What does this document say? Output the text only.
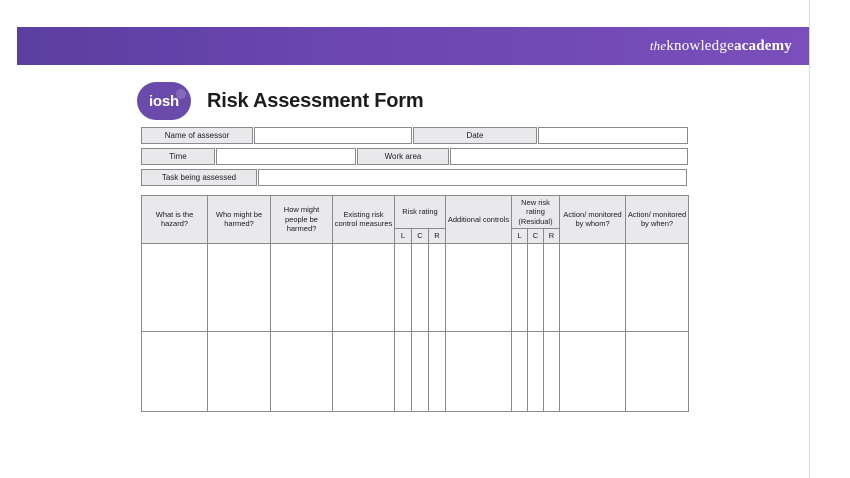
theknowledgeacademy
iosh Risk Assessment Form
Name of assessor	Date
Time	Work area
Task being assessed
What is the hazard?	Who might be harmed?	How might people be harmed?	Existing risk control measures	Risk rating			Additional controls	New risk rating (Residual)			Action/ monitored by whom?	Action/ monitored by when?
				L	C	R		L	C	R		
